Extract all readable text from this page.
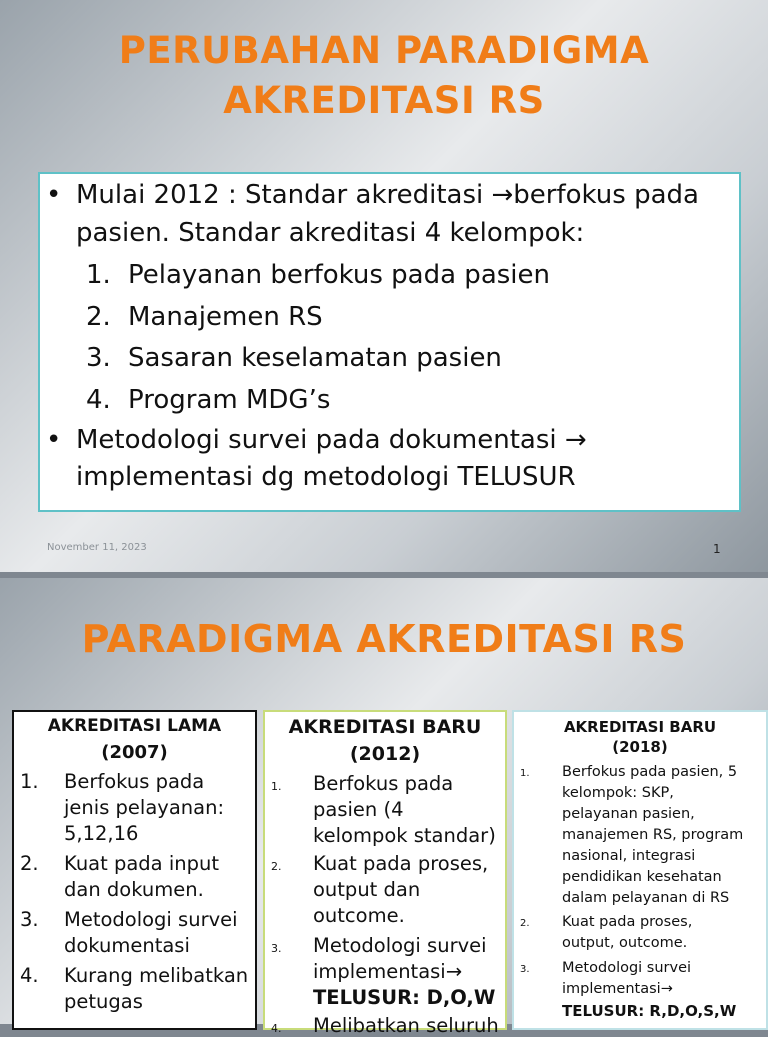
PERUBAHAN PARADIGMA
AKREDITASI RS
• Mulai 2012 : Standar akreditasi →berfokus pada
pasien. Standar akreditasi 4 kelompok:
1. Pelayanan berfokus pada pasien
2. Manajemen RS
3. Sasaran keselamatan pasien
4. Program MDG’s
• Metodologi survei pada dokumentasi →
implementasi dg metodologi TELUSUR
November 11, 2023	1
PARADIGMA AKREDITASI RS
AKREDITASI LAMA
(2007)
1. Berfokus pada
jenis pelayanan:
5,12,16
2. Kuat pada input
dan dokumen.
3. Metodologi survei
dokumentasi
4. Kurang melibatkan
petugas
AKREDITASI BARU
(2012)
1. Berfokus pada
pasien (4
kelompok standar)
2. Kuat pada proses,
output dan
outcome.
3. Metodologi survei
implementasi→
TELUSUR: D,O,W
4. Melibatkan seluruh
AKREDITASI BARU
(2018)
1. Berfokus pada pasien, 5
kelompok: SKP,
pelayanan pasien,
manajemen RS, program
nasional, integrasi
pendidikan kesehatan
dalam pelayanan di RS
2. Kuat pada proses,
output, outcome.
3. Metodologi survei
implementasi→
TELUSUR: R,D,O,S,W
